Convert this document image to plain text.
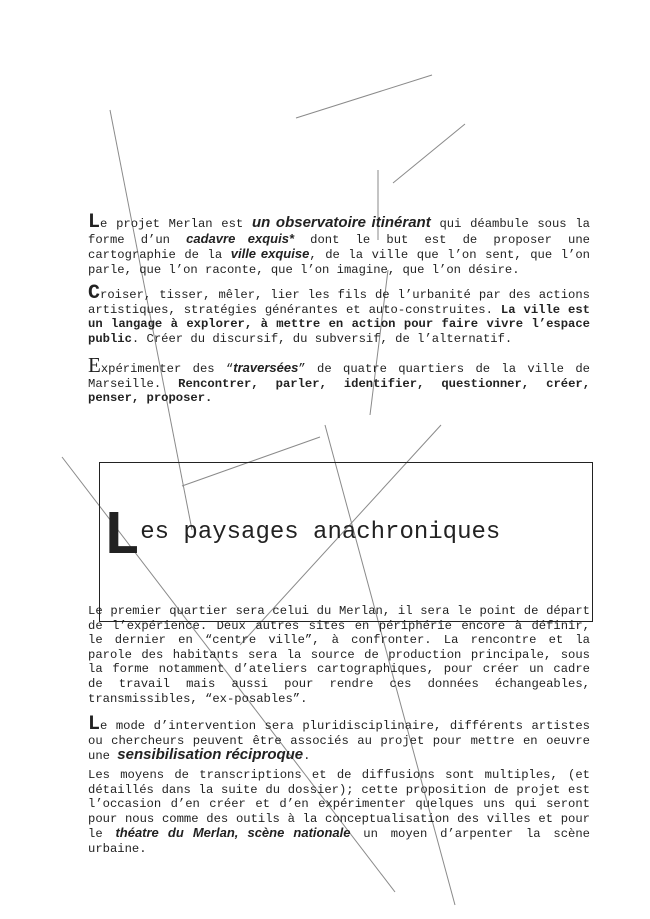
Le projet Merlan est un observatoire itinérant qui déambule sous la forme d’un cadavre exquis* dont le but est de proposer une cartographie de la ville exquise, de la ville que l’on sent, que l’on parle, que l’on raconte, que l’on imagine, que l’on désire.
Croiser, tisser, mêler, lier les fils de l’urbanité par des actions artistiques, stratégies générantes et auto-construites. La ville est un langage à explorer, à mettre en action pour faire vivre l’espace public. Créer du discursif, du subversif, de l’alternatif.
Expérimenter des “traversées” de quatre quartiers de la ville de Marseille. Rencontrer, parler, identifier, questionner, créer, penser, proposer.
Les paysages anachroniques
Le premier quartier sera celui du Merlan, il sera le point de départ de l’expérience. Deux autres sites en périphérie encore à définir, le dernier en “centre ville”, à confronter. La rencontre et la parole des habitants sera la source de production principale, sous la forme notamment d’ateliers cartographiques, pour créer un cadre de travail mais aussi pour rendre ces données échangeables, transmissibles, “ex-posables”.
Le mode d’intervention sera pluridisciplinaire, différents artistes ou chercheurs peuvent être associés au projet pour mettre en oeuvre une sensibilisation réciproque.
Les moyens de transcriptions et de diffusions sont multiples, (et détaillés dans la suite du dossier); cette proposition de projet est l’occasion d’en créer et d’en expérimenter quelques uns qui seront pour nous comme des outils à la conceptualisation des villes et pour le théatre du Merlan, scène nationale un moyen d’arpenter la scène urbaine.
